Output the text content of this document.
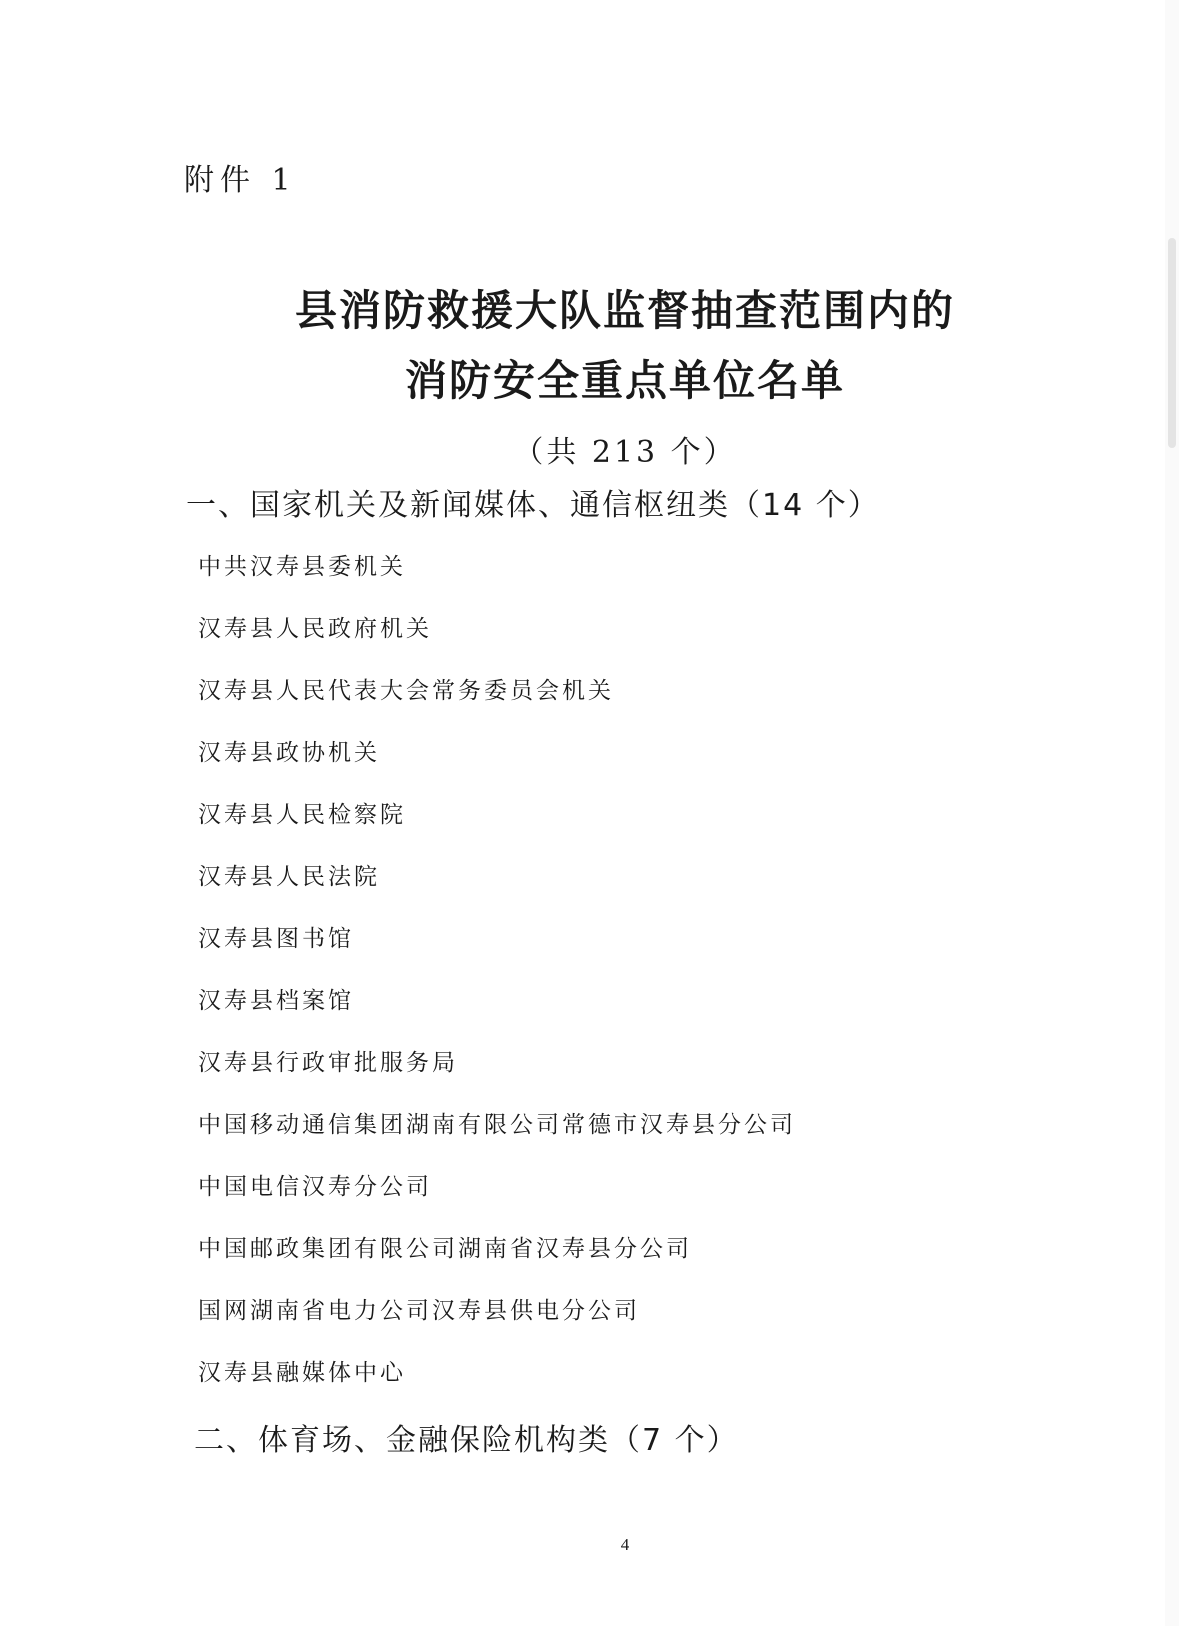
附件 1
县消防救援大队监督抽查范围内的
消防安全重点单位名单
（共 213 个）
一、国家机关及新闻媒体、通信枢纽类（14 个）
中共汉寿县委机关
汉寿县人民政府机关
汉寿县人民代表大会常务委员会机关
汉寿县政协机关
汉寿县人民检察院
汉寿县人民法院
汉寿县图书馆
汉寿县档案馆
汉寿县行政审批服务局
中国移动通信集团湖南有限公司常德市汉寿县分公司
中国电信汉寿分公司
中国邮政集团有限公司湖南省汉寿县分公司
国网湖南省电力公司汉寿县供电分公司
汉寿县融媒体中心
二、体育场、金融保险机构类（7 个）
4
